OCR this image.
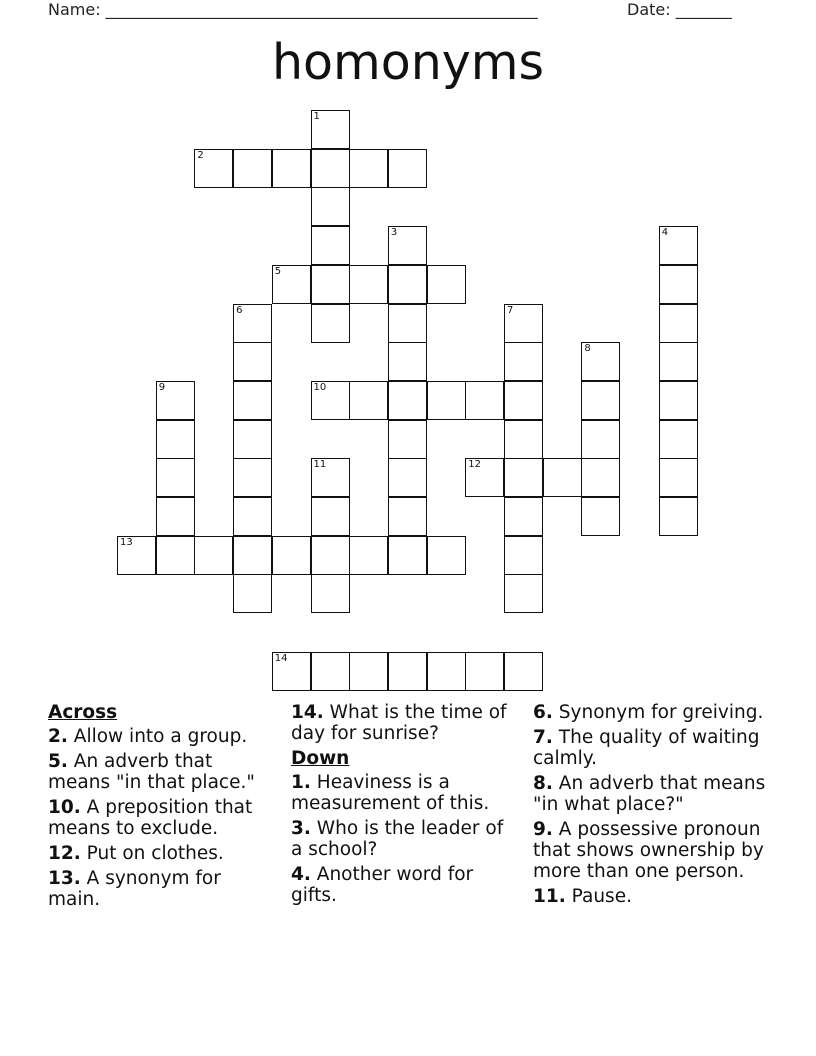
Name: ______________________________________________________	Date: _______
homonyms
1
2
3	4
5
6	7
8
9	10
11	12
13
14
Across
2. Allow into a group.
5. An adverb that means "in that place."
10. A preposition that means to exclude.
12. Put on clothes.
13. A synonym for main.
14. What is the time of day for sunrise?
Down
1. Heaviness is a measurement of this.
3. Who is the leader of a school?
4. Another word for gifts.
6. Synonym for greiving.
7. The quality of waiting calmly.
8. An adverb that means "in what place?"
9. A possessive pronoun that shows ownership by more than one person.
11. Pause.
